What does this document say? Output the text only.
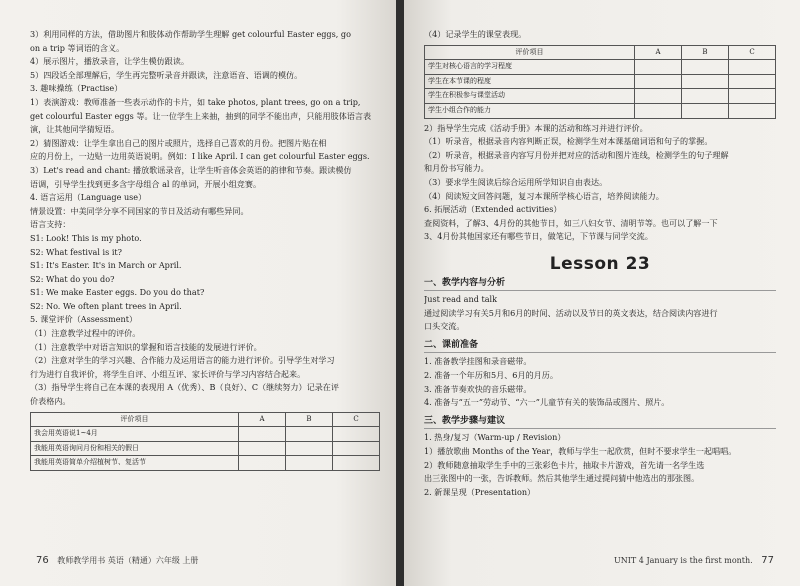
3）利用同样的方法，借助图片和肢体动作帮助学生理解 get colourful Easter eggs, go
on a trip 等词语的含义。
4）展示图片，播放录音，让学生模仿跟读。
5）四段话全部理解后，学生再完整听录音并跟读，注意语音、语调的模仿。
3. 趣味操练（Practise）
1）表演游戏：教师准备一些表示动作的卡片，如 take photos, plant trees, go on a trip,
get colourful Easter eggs 等。让一位学生上来抽，抽到的同学不能出声，只能用肢体语言表
演，让其他同学猜短语。
2）猜图游戏：让学生拿出自己的图片或照片，选择自己喜欢的月份。把图片贴在相
应的月份上，一边贴一边用英语说明。例如：I like April. I can get colourful Easter eggs.
3）Let's read and chant: 播放歌谣录音，让学生听音体会英语的韵律和节奏。跟读模仿
语调，引导学生找到更多含字母组合 al 的单词，开展小组竞赛。
4. 语言运用（Language use）
情景设置：中美同学分享不同国家的节日及活动有哪些异同。
语言支持：
S1: Look! This is my photo.
S2: What festival is it?
S1: It's Easter. It's in March or April.
S2: What do you do?
S1: We make Easter eggs. Do you do that?
S2: No. We often plant trees in April.
5. 课堂评价（Assessment）
（1）注意教学过程中的评价。
（1）注意教学中对语言知识的掌握和语言技能的发展进行评价。
（2）注意对学生的学习兴趣、合作能力及运用语言的能力进行评价。引导学生对学习
行为进行自我评价，将学生自评、小组互评、家长评价与学习内容结合起来。
（3）指导学生将自己在本课的表现用 A（优秀）、B（良好）、C（继续努力）记录在评
价表格内。
评价项目	A	B	C
我会用英语说1~4月			
我能用英语询问月份和相关的假日			
我能用英语简单介绍植树节、复活节			
76 教师教学用书 英语（精通）六年级 上册
（4）记录学生的课堂表现。
评价项目	A	B	C
学生对核心语言的学习程度			
学生在本节课的程度			
学生在积极参与课堂活动			
学生小组合作的能力			
2）指导学生完成《活动手册》本课的活动和练习并进行评价。
（1）听录音，根据录音内容判断正误，检测学生对本课基础词语和句子的掌握。
（2）听录音，根据录音内容写月份并把对应的活动和图片连线，检测学生的句子理解
和月份书写能力。
（3）要求学生阅读后综合运用所学知识自由表达。
（4）阅读短文回答问题，复习本课所学核心语言，培养阅读能力。
6. 拓展活动（Extended activities）
查阅资料，了解3、4月份的其他节日，如三八妇女节、清明节等。也可以了解一下
3、4月份其他国家还有哪些节日，做笔记，下节课与同学交流。
Lesson 23
一、教学内容与分析
Just read and talk
通过阅读学习有关5月和6月的时间、活动以及节日的英文表达，结合阅读内容进行
口头交流。
二、课前准备
1. 准备教学挂图和录音磁带。
2. 准备一个年历和5月、6月的月历。
3. 准备节奏欢快的音乐磁带。
4. 准备与“五一”劳动节、“六一”儿童节有关的装饰品或图片、照片。
三、教学步骤与建议
1. 热身/复习（Warm-up / Revision）
1）播放歌曲 Months of the Year，教师与学生一起欣赏，但时不要求学生一起唱唱。
2）教师随意抽取学生手中的三张彩色卡片，抽取卡片游戏，首先请一名学生选
出三张图中的一张，告诉教师。然后其他学生通过提问猜中他选出的那张图。
2. 新课呈现（Presentation）
UNIT 4 January is the first month. 77
